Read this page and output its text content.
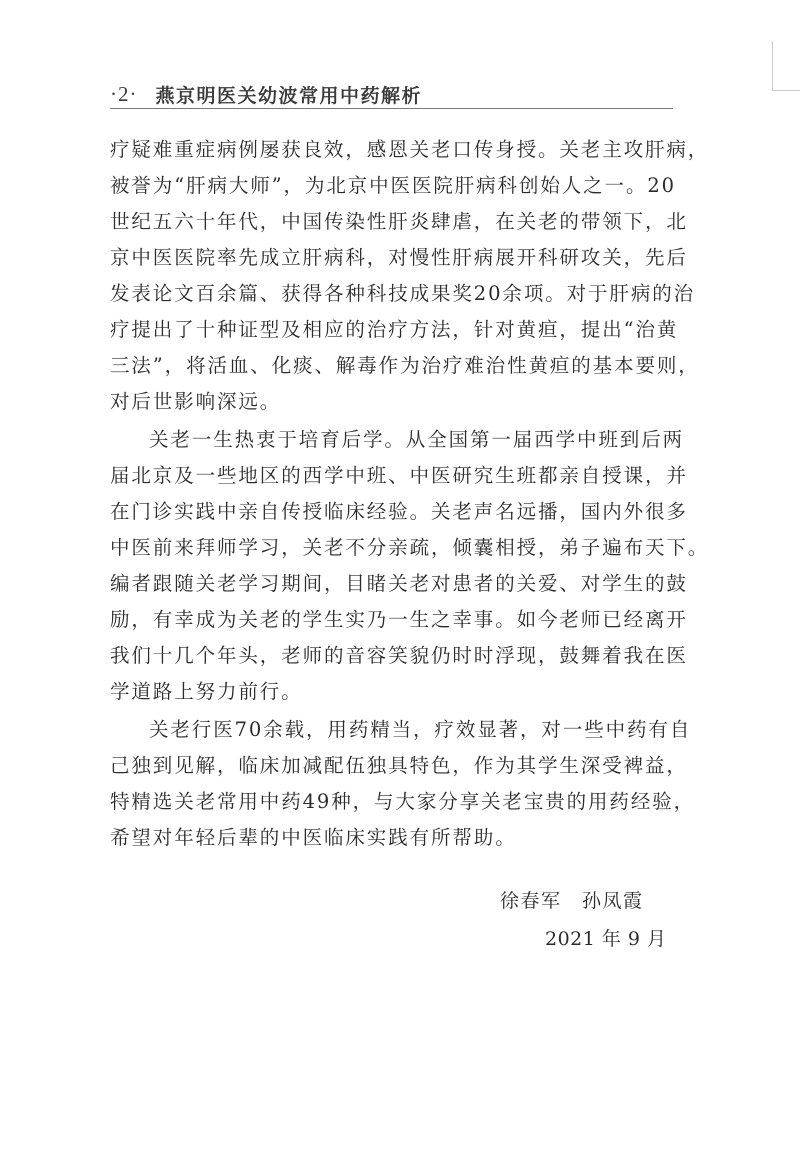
·2· 燕京明医关幼波常用中药解析

疗疑难重症病例屡获良效，感恩关老口传身授。关老主攻肝病，
被誉为“肝病大师”，为北京中医医院肝病科创始人之一。20
世纪五六十年代，中国传染性肝炎肆虐，在关老的带领下，北
京中医医院率先成立肝病科，对慢性肝病展开科研攻关，先后
发表论文百余篇、获得各种科技成果奖20余项。对于肝病的治
疗提出了十种证型及相应的治疗方法，针对黄疸，提出“治黄
三法”，将活血、化痰、解毒作为治疗难治性黄疸的基本要则，
对后世影响深远。

关老一生热衷于培育后学。从全国第一届西学中班到后两
届北京及一些地区的西学中班、中医研究生班都亲自授课，并
在门诊实践中亲自传授临床经验。关老声名远播，国内外很多
中医前来拜师学习，关老不分亲疏，倾囊相授，弟子遍布天下。
编者跟随关老学习期间，目睹关老对患者的关爱、对学生的鼓
励，有幸成为关老的学生实乃一生之幸事。如今老师已经离开
我们十几个年头，老师的音容笑貌仍时时浮现，鼓舞着我在医
学道路上努力前行。

关老行医70余载，用药精当，疗效显著，对一些中药有自
己独到见解，临床加减配伍独具特色，作为其学生深受裨益，
特精选关老常用中药49种，与大家分享关老宝贵的用药经验，
希望对年轻后辈的中医临床实践有所帮助。

徐春军　孙凤霞
2021 年 9 月
